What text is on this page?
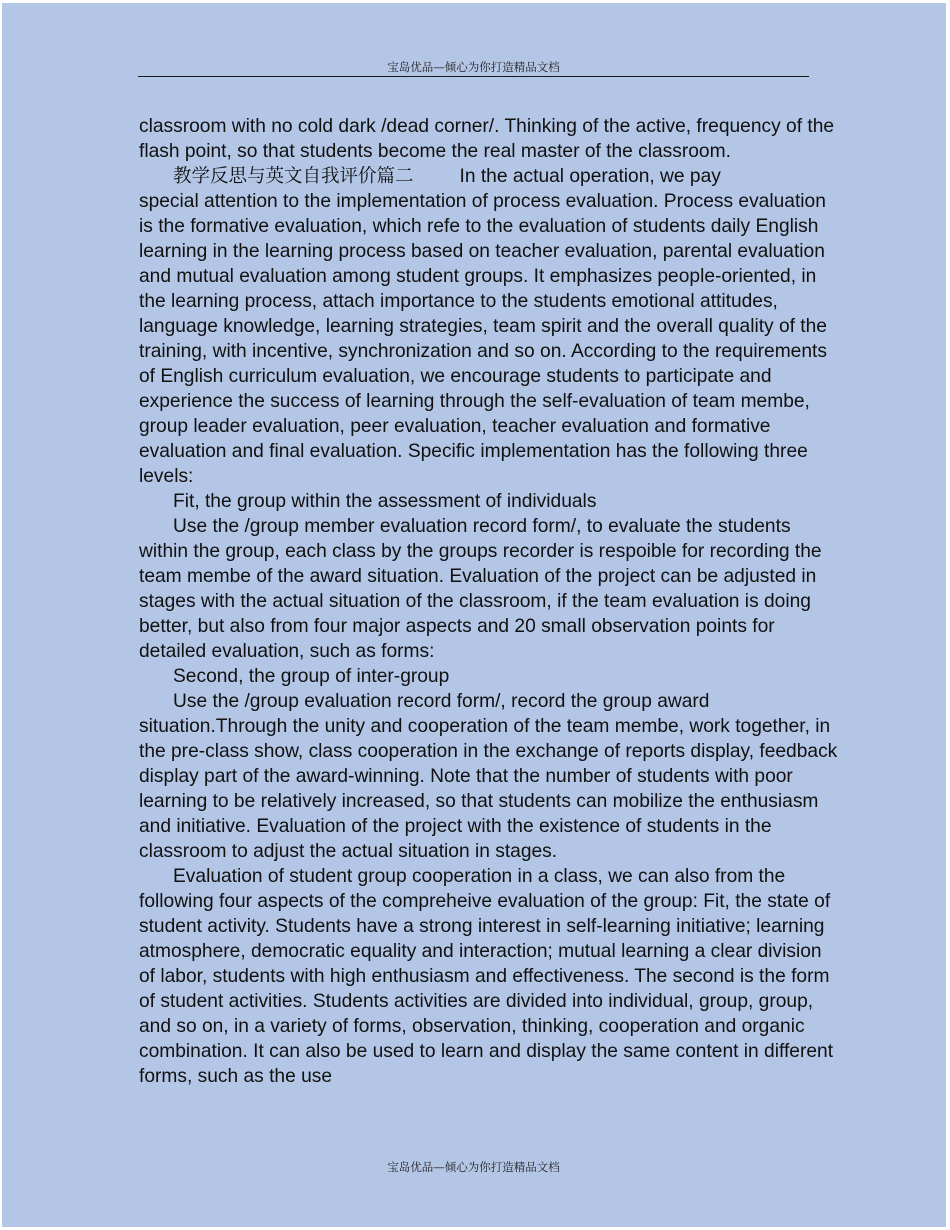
宝岛优品—倾心为你打造精品文档

classroom with no cold dark /dead corner/. Thinking of the active, frequency of the flash point, so that students become the real master of the classroom.

教学反思与英文自我评价篇二 In the actual operation, we pay

special attention to the implementation of process evaluation. Process evaluation is the formative evaluation, which refe to the evaluation of students daily English learning in the learning process based on teacher evaluation, parental evaluation and mutual evaluation among student groups. It emphasizes people-oriented, in the learning process, attach importance to the students emotional attitudes, language knowledge, learning strategies, team spirit and the overall quality of the training, with incentive, synchronization and so on. According to the requirements of English curriculum evaluation, we encourage students to participate and experience the success of learning through the self-evaluation of team membe, group leader evaluation, peer evaluation, teacher evaluation and formative evaluation and final evaluation. Specific implementation has the following three levels:

Fit, the group within the assessment of individuals

Use the /group member evaluation record form/, to evaluate the students within the group, each class by the groups recorder is respoible for recording the team membe of the award situation. Evaluation of the project can be adjusted in stages with the actual situation of the classroom, if the team evaluation is doing better, but also from four major aspects and 20 small observation points for detailed evaluation, such as forms:

Second, the group of inter-group

Use the /group evaluation record form/, record the group award situation.Through the unity and cooperation of the team membe, work together, in the pre-class show, class cooperation in the exchange of reports display, feedback display part of the award-winning. Note that the number of students with poor learning to be relatively increased, so that students can mobilize the enthusiasm and initiative. Evaluation of the project with the existence of students in the classroom to adjust the actual situation in stages.

Evaluation of student group cooperation in a class, we can also from the following four aspects of the compreheive evaluation of the group: Fit, the state of student activity. Students have a strong interest in self-learning initiative; learning atmosphere, democratic equality and interaction; mutual learning a clear division of labor, students with high enthusiasm and effectiveness. The second is the form of student activities. Students activities are divided into individual, group, group, and so on, in a variety of forms, observation, thinking, cooperation and organic combination. It can also be used to learn and display the same content in different forms, such as the use

宝岛优品—倾心为你打造精品文档
